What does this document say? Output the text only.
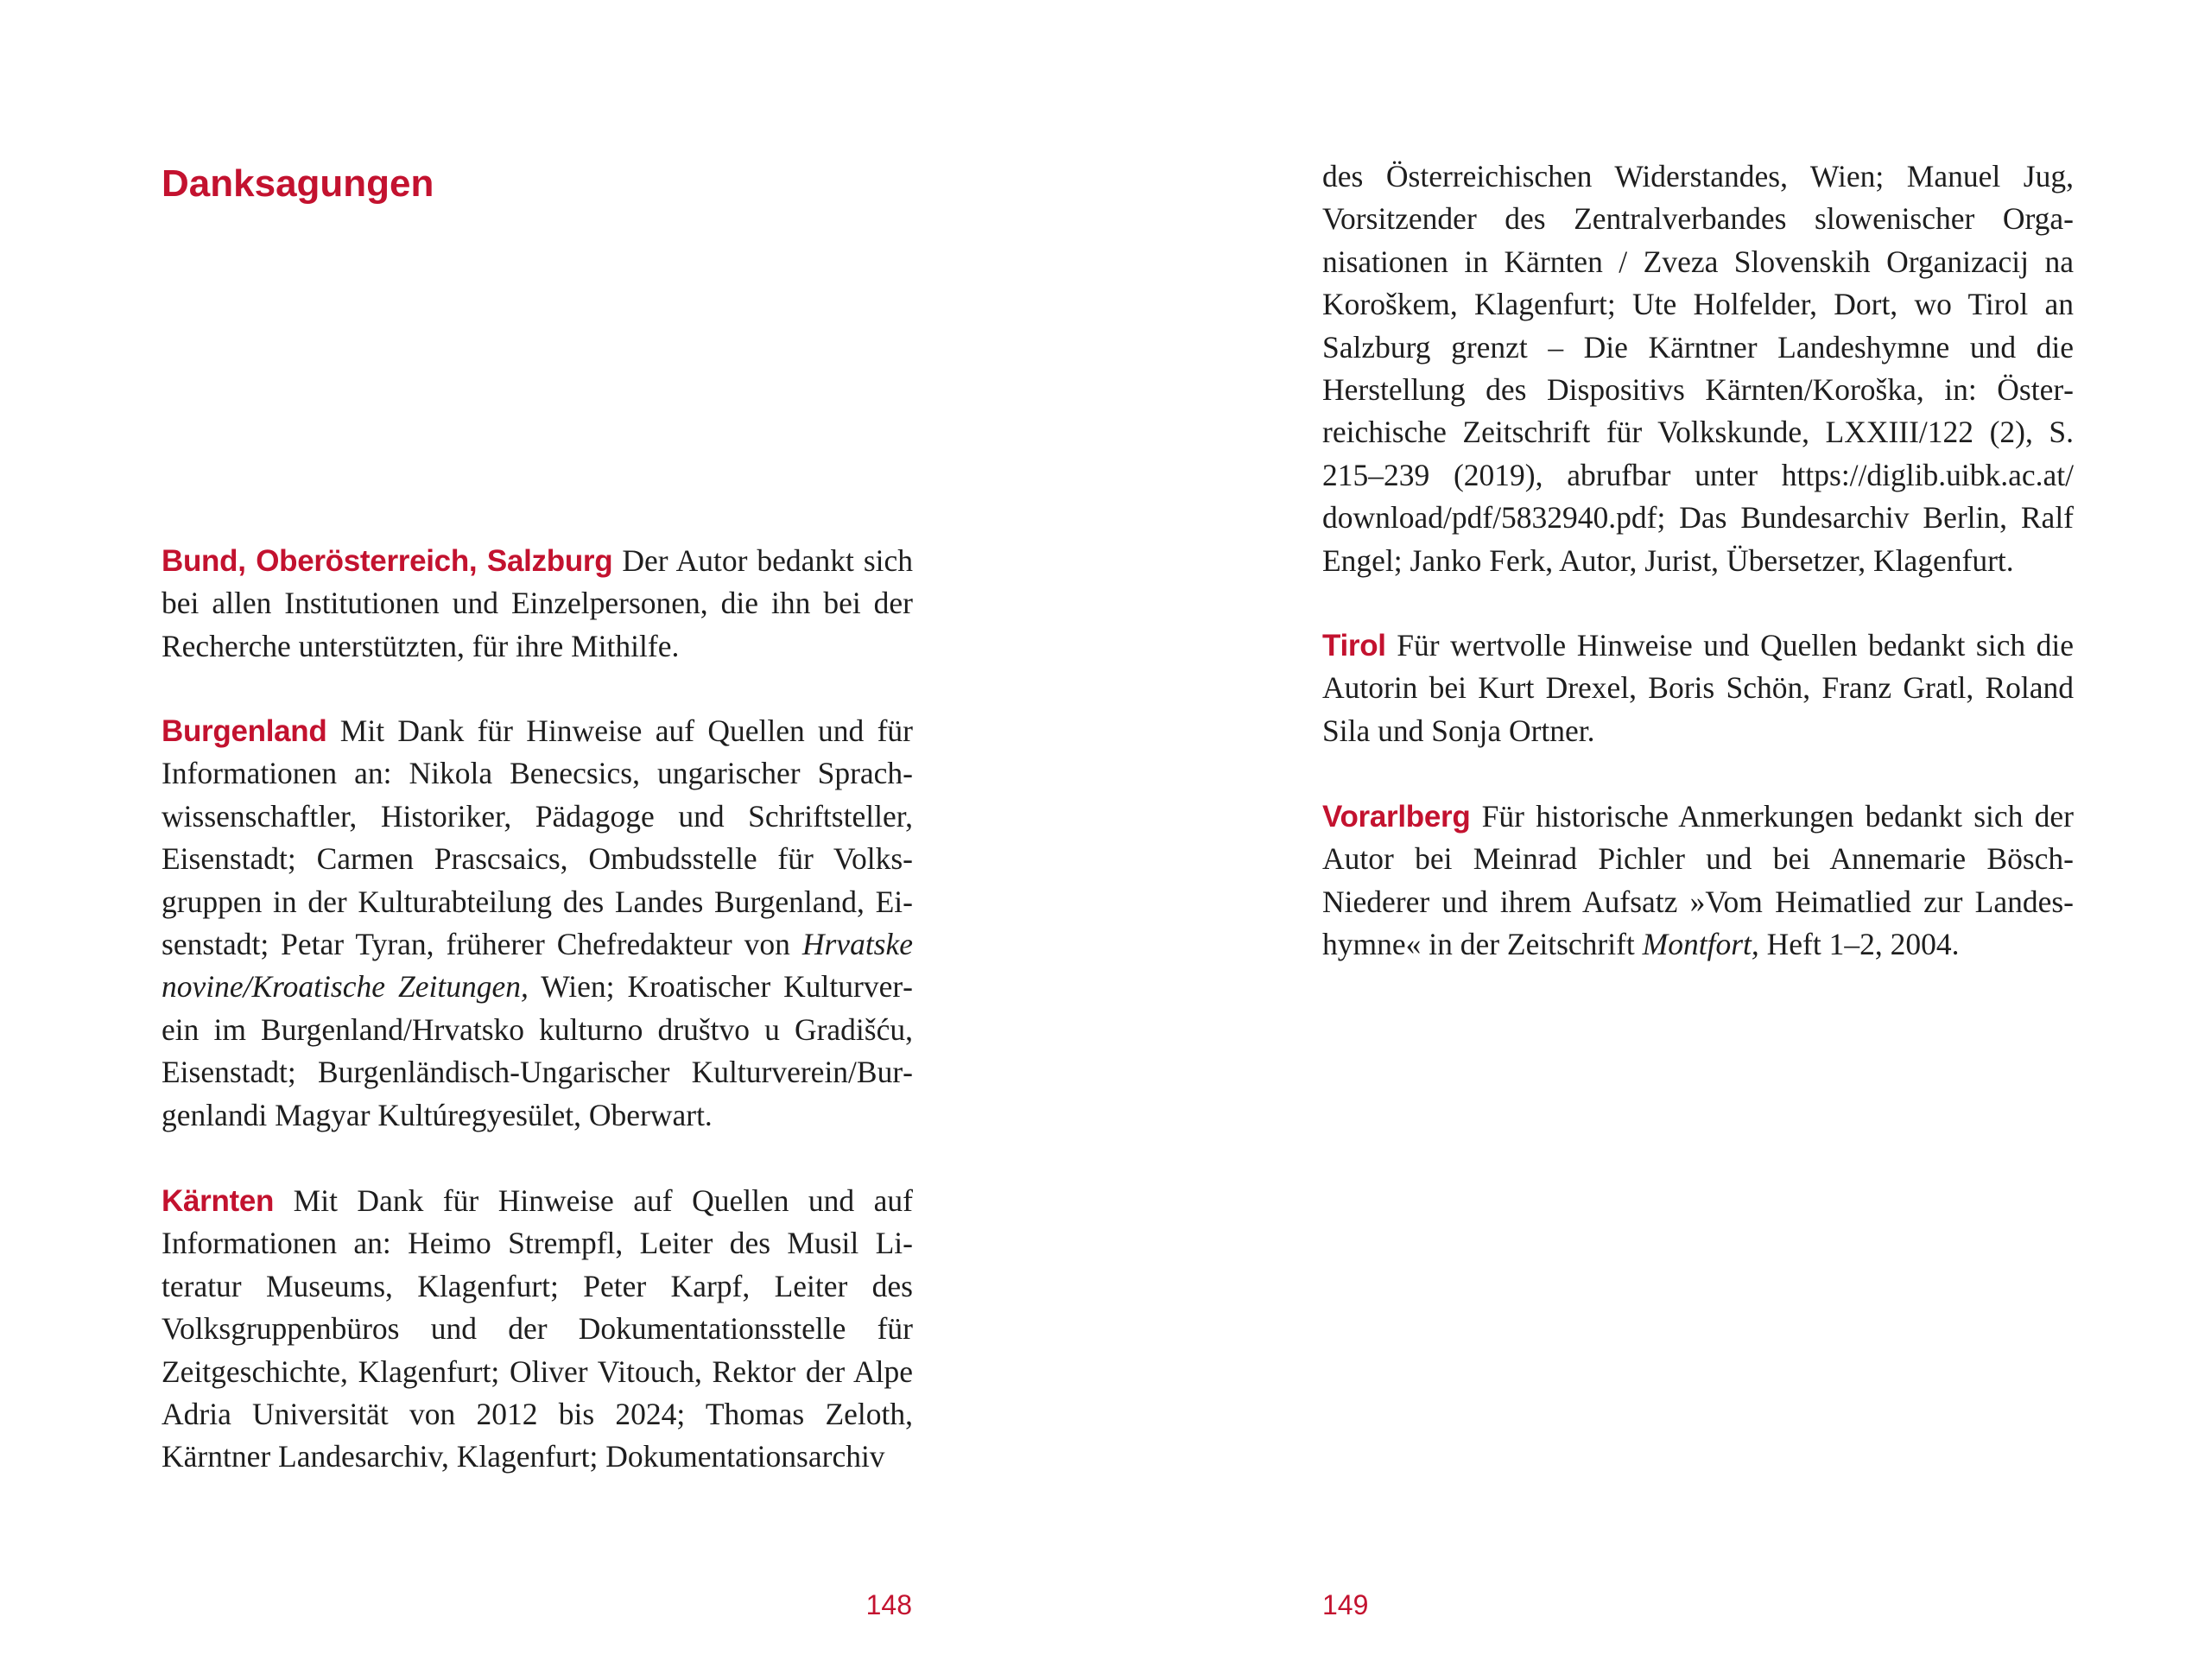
Danksagungen

Bund, Oberösterreich, Salzburg Der Autor bedankt sich bei allen Institutionen und Einzelpersonen, die ihn bei der Recherche unterstützten, für ihre Mithilfe.

Burgenland Mit Dank für Hinweise auf Quellen und für Informationen an: Nikola Benecsics, ungarischer Sprachwissenschaftler, Historiker, Pädagoge und Schriftsteller, Eisenstadt; Carmen Prascsaics, Ombudsstelle für Volksgruppen in der Kulturabteilung des Landes Burgenland, Eisenstadt; Petar Tyran, früherer Chefredakteur von Hrvatske novine/Kroatische Zeitungen, Wien; Kroatischer Kulturverein im Burgenland/Hrvatsko kulturno društvo u Gradišću, Eisenstadt; Burgenländisch-Ungarischer Kulturverein/Burgenlandi Magyar Kultúregyesület, Oberwart.

Kärnten Mit Dank für Hinweise auf Quellen und auf Informationen an: Heimo Strempfl, Leiter des Musil Literatur Museums, Klagenfurt; Peter Karpf, Leiter des Volksgruppenbüros und der Dokumentationsstelle für Zeitgeschichte, Klagenfurt; Oliver Vitouch, Rektor der Alpe Adria Universität von 2012 bis 2024; Thomas Zeloth, Kärntner Landesarchiv, Klagenfurt; Dokumentationsarchiv

148

des Österreichischen Widerstandes, Wien; Manuel Jug, Vorsitzender des Zentralverbandes slowenischer Organisationen in Kärnten / Zveza Slovenskih Organizacij na Koroškem, Klagenfurt; Ute Holfelder, Dort, wo Tirol an Salzburg grenzt – Die Kärntner Landeshymne und die Herstellung des Dispositivs Kärnten/Koroška, in: Österreichische Zeitschrift für Volkskunde, LXXIII/122 (2), S. 215–239 (2019), abrufbar unter https://diglib.uibk.ac.at/ download/pdf/5832940.pdf; Das Bundesarchiv Berlin, Ralf Engel; Janko Ferk, Autor, Jurist, Übersetzer, Klagenfurt.

Tirol Für wertvolle Hinweise und Quellen bedankt sich die Autorin bei Kurt Drexel, Boris Schön, Franz Gratl, Roland Sila und Sonja Ortner.

Vorarlberg Für historische Anmerkungen bedankt sich der Autor bei Meinrad Pichler und bei Annemarie Bösch-Niederer und ihrem Aufsatz »Vom Heimatlied zur Landeshymne« in der Zeitschrift Montfort, Heft 1–2, 2004.

149
